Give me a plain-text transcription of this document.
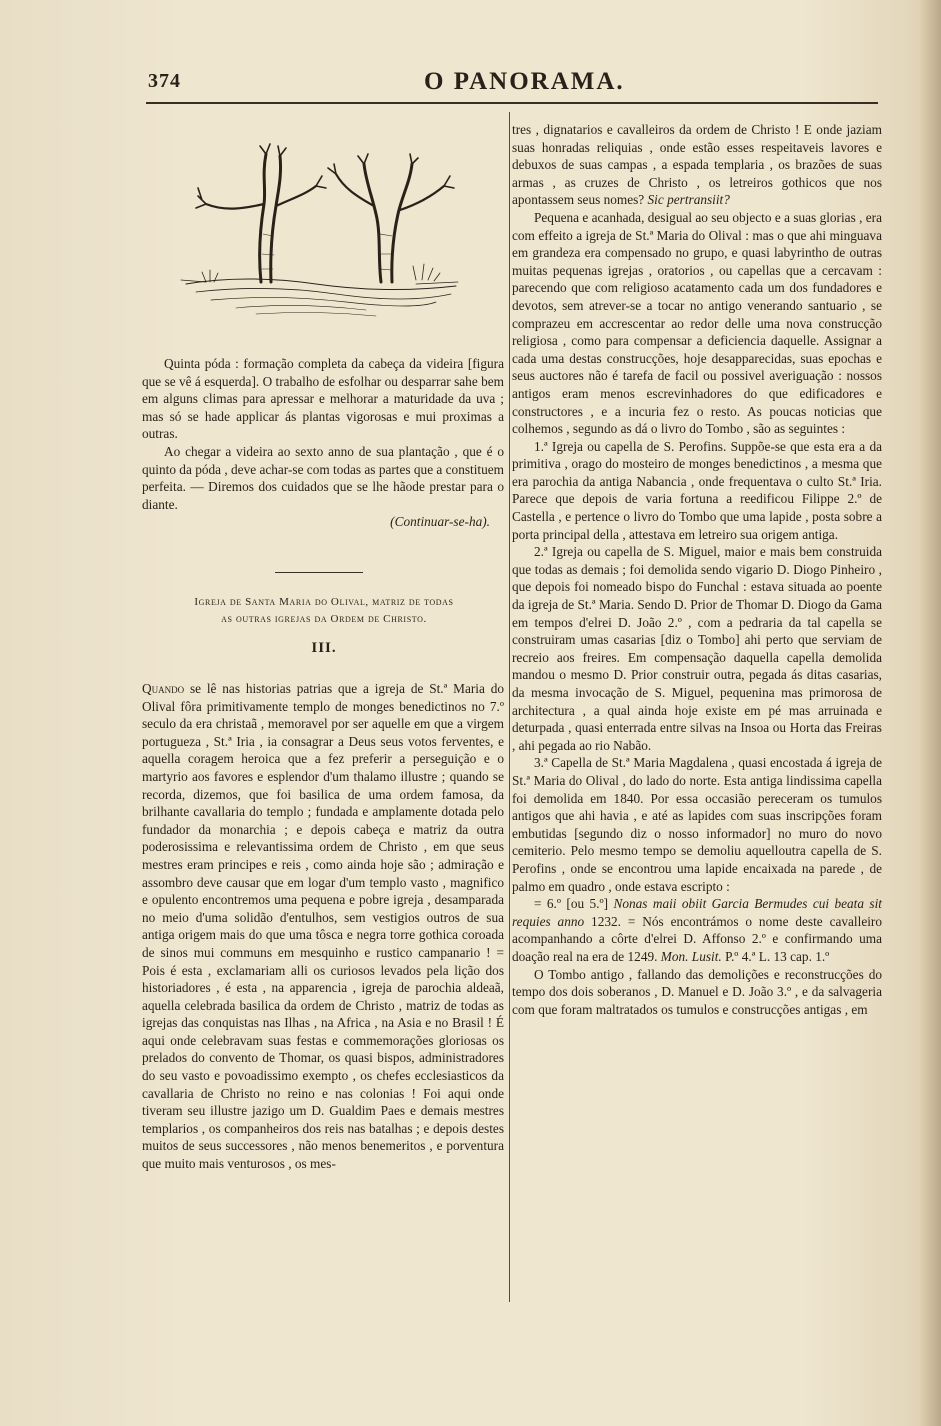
374	O PANORAMA.

Quinta póda : formação completa da cabeça da videira [figura que se vê á esquerda]. O trabalho de esfolhar ou desparrar sahe bem em alguns climas para apressar e melhorar a maturidade da uva ; mas só se hade applicar ás plantas vigorosas e mui proximas a outras.

Ao chegar a videira ao sexto anno de sua plantação , que é o quinto da póda , deve achar-se com todas as partes que a constituem perfeita. — Diremos dos cuidados que se lhe hãode prestar para o diante.

(Continuar-se-ha).

Igreja de Santa Maria do Olival, matriz de todas
as outras igrejas da Ordem de Christo.
III.

Quando se lê nas historias patrias que a igreja de St.ª Maria do Olival fôra primitivamente templo de monges benedictinos no 7.º seculo da era christaã , memoravel por ser aquelle em que a virgem portugueza , St.ª Iria , ia consagrar a Deus seus votos ferventes, e aquella coragem heroica que a fez preferir a perseguição e o martyrio aos favores e esplendor d'um thalamo illustre ; quando se recorda, dizemos, que foi basilica de uma ordem famosa, da brilhante cavallaria do templo ; fundada e amplamente dotada pelo fundador da monarchia ; e depois cabeça e matriz da outra poderosissima e relevantissima ordem de Christo , em que seus mestres eram principes e reis , como ainda hoje são ; admiração e assombro deve causar que em logar d'um templo vasto , magnifico e opulento encontremos uma pequena e pobre igreja , desamparada no meio d'uma solidão d'entulhos, sem vestigios outros de sua antiga origem mais do que uma tôsca e negra torre gothica coroada de sinos mui communs em mesquinho e rustico campanario ! = Pois é esta , exclamariam alli os curiosos levados pela lição dos historiadores , é esta , na apparencia , igreja de parochia aldeaã, aquella celebrada basilica da ordem de Christo , matriz de todas as igrejas das conquistas nas Ilhas , na Africa , na Asia e no Brasil ! É aqui onde celebravam suas festas e commemorações gloriosas os prelados do convento de Thomar, os quasi bispos, administradores do seu vasto e povoadissimo exempto , os chefes ecclesiasticos da cavallaria de Christo no reino e nas colonias ! Foi aqui onde tiveram seu illustre jazigo um D. Gualdim Paes e demais mestres templarios , os companheiros dos reis nas batalhas ; e depois destes muitos de seus successores , não menos benemeritos , e porventura que muito mais venturosos , os mes-

tres , dignatarios e cavalleiros da ordem de Christo ! E onde jaziam suas honradas reliquias , onde estão esses respeitaveis lavores e debuxos de suas campas , a espada templaria , os brazões de suas armas , as cruzes de Christo , os letreiros gothicos que nos apontassem seus nomes? Sic pertransiit?

Pequena e acanhada, desigual ao seu objecto e a suas glorias , era com effeito a igreja de St.ª Maria do Olival : mas o que ahi minguava em grandeza era compensado no grupo, e quasi labyrintho de outras muitas pequenas igrejas , oratorios , ou capellas que a cercavam : parecendo que com religioso acatamento cada um dos fundadores e devotos, sem atrever-se a tocar no antigo venerando santuario , se comprazeu em accrescentar ao redor delle uma nova construcção religiosa , como para compensar a deficiencia daquelle. Assignar a cada uma destas construcções, hoje desapparecidas, suas epochas e seus auctores não é tarefa de facil ou possivel averiguação : nossos antigos eram menos escrevinhadores do que edificadores e constructores , e a incuria fez o resto. As poucas noticias que colhemos , segundo as dá o livro do Tombo , são as seguintes :

1.ª Igreja ou capella de S. Perofins. Suppõe-se que esta era a da primitiva , orago do mosteiro de monges benedictinos , a mesma que era parochia da antiga Nabancia , onde frequentava o culto St.ª Iria. Parece que depois de varia fortuna a reedificou Filippe 2.º de Castella , e pertence o livro do Tombo que uma lapide , posta sobre a porta principal della , attestava em letreiro sua origem antiga.

2.ª Igreja ou capella de S. Miguel, maior e mais bem construida que todas as demais ; foi demolida sendo vigario D. Diogo Pinheiro , que depois foi nomeado bispo do Funchal : estava situada ao poente da igreja de St.ª Maria. Sendo D. Prior de Thomar D. Diogo da Gama em tempos d'elrei D. João 2.º , com a pedraria da tal capella se construiram umas casarias [diz o Tombo] ahi perto que serviam de recreio aos freires. Em compensação daquella capella demolida mandou o mesmo D. Prior construir outra, pegada ás ditas casarias, da mesma invocação de S. Miguel, pequenina mas primorosa de architectura , a qual ainda hoje existe em pé mas arruinada e deturpada , quasi enterrada entre silvas na Insoa ou Horta das Freiras , ahi pegada ao rio Nabão.

3.ª Capella de St.ª Maria Magdalena , quasi encostada á igreja de St.ª Maria do Olival , do lado do norte. Esta antiga lindissima capella foi demolida em 1840. Por essa occasião pereceram os tumulos antigos que ahi havia , e até as lapides com suas inscripções foram embutidas [segundo diz o nosso informador] no muro do novo cemiterio. Pelo mesmo tempo se demoliu aquelloutra capella de S. Perofins , onde se encontrou uma lapide encaixada na parede , de palmo em quadro , onde estava escripto :

= 6.º [ou 5.º] Nonas maii obiit Garcia Bermudes cui beata sit requies anno 1232. = Nós encontrámos o nome deste cavalleiro acompanhando a côrte d'elrei D. Affonso 2.º e confirmando uma doação real na era de 1249. Mon. Lusit. P.º 4.ª L. 13 cap. 1.º

O Tombo antigo , fallando das demolições e reconstrucções do tempo dos dois soberanos , D. Manuel e D. João 3.º , e da salvageria com que foram maltratados os tumulos e construcções antigas , em
